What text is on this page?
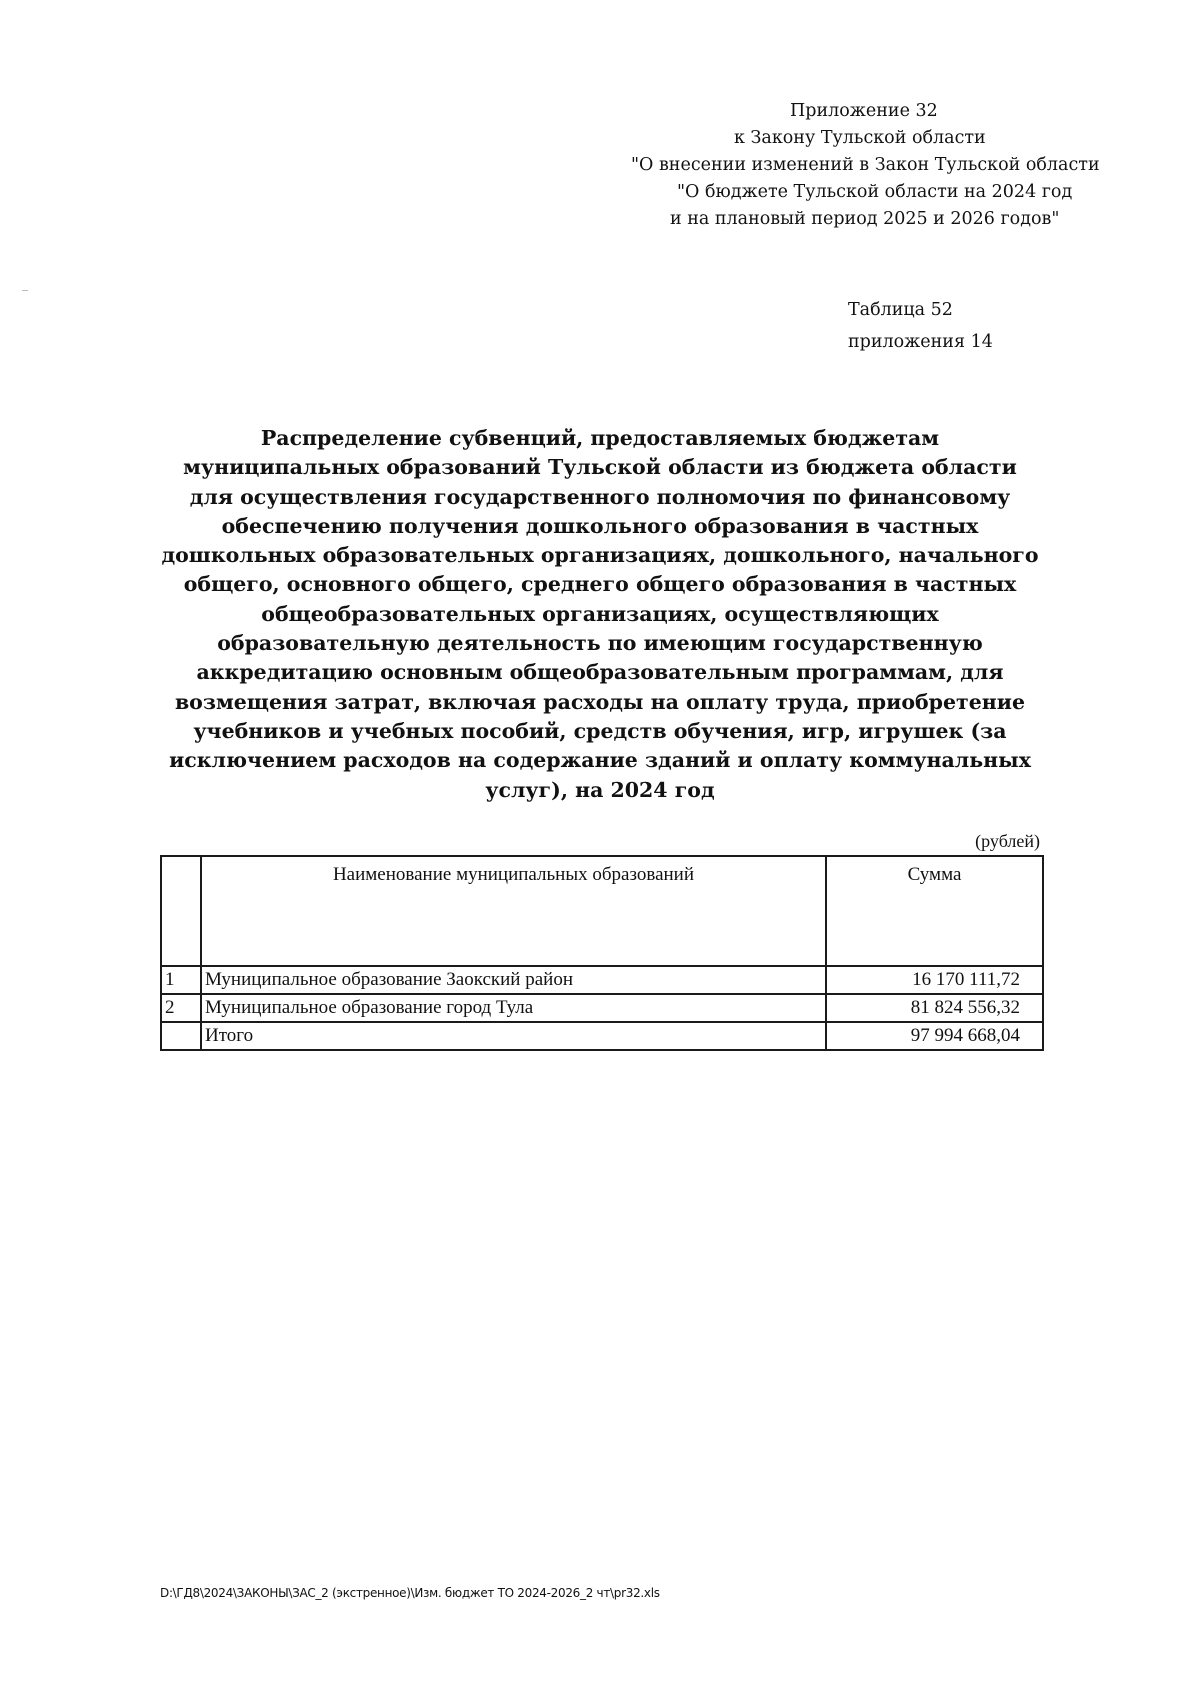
Приложение 32
к Закону Тульской области
"О внесении изменений в Закон Тульской области
"О бюджете Тульской области на 2024 год
и на плановый период 2025 и 2026 годов"
Таблица 52
приложения 14
Распределение субвенций, предоставляемых бюджетам муниципальных образований Тульской области из бюджета области для осуществления государственного полномочия по финансовому обеспечению получения дошкольного образования в частных дошкольных образовательных организациях, дошкольного, начального общего, основного общего, среднего общего образования в частных общеобразовательных организациях, осуществляющих образовательную деятельность по имеющим государственную аккредитацию основным общеобразовательным программам, для возмещения затрат, включая расходы на оплату труда, приобретение учебников и учебных пособий, средств обучения, игр, игрушек (за исключением расходов на содержание зданий и оплату коммунальных услуг), на 2024 год
(рублей)
	Наименование муниципальных образований	Сумма
1	Муниципальное образование Заокский район	16 170 111,72
2	Муниципальное образование город Тула	81 824 556,32
	Итого	97 994 668,04
D:\ГД8\2024\ЗАКОНЫ\ЗАС_2 (экстренное)\Изм. бюджет ТО 2024-2026_2 чт\pr32.xls
